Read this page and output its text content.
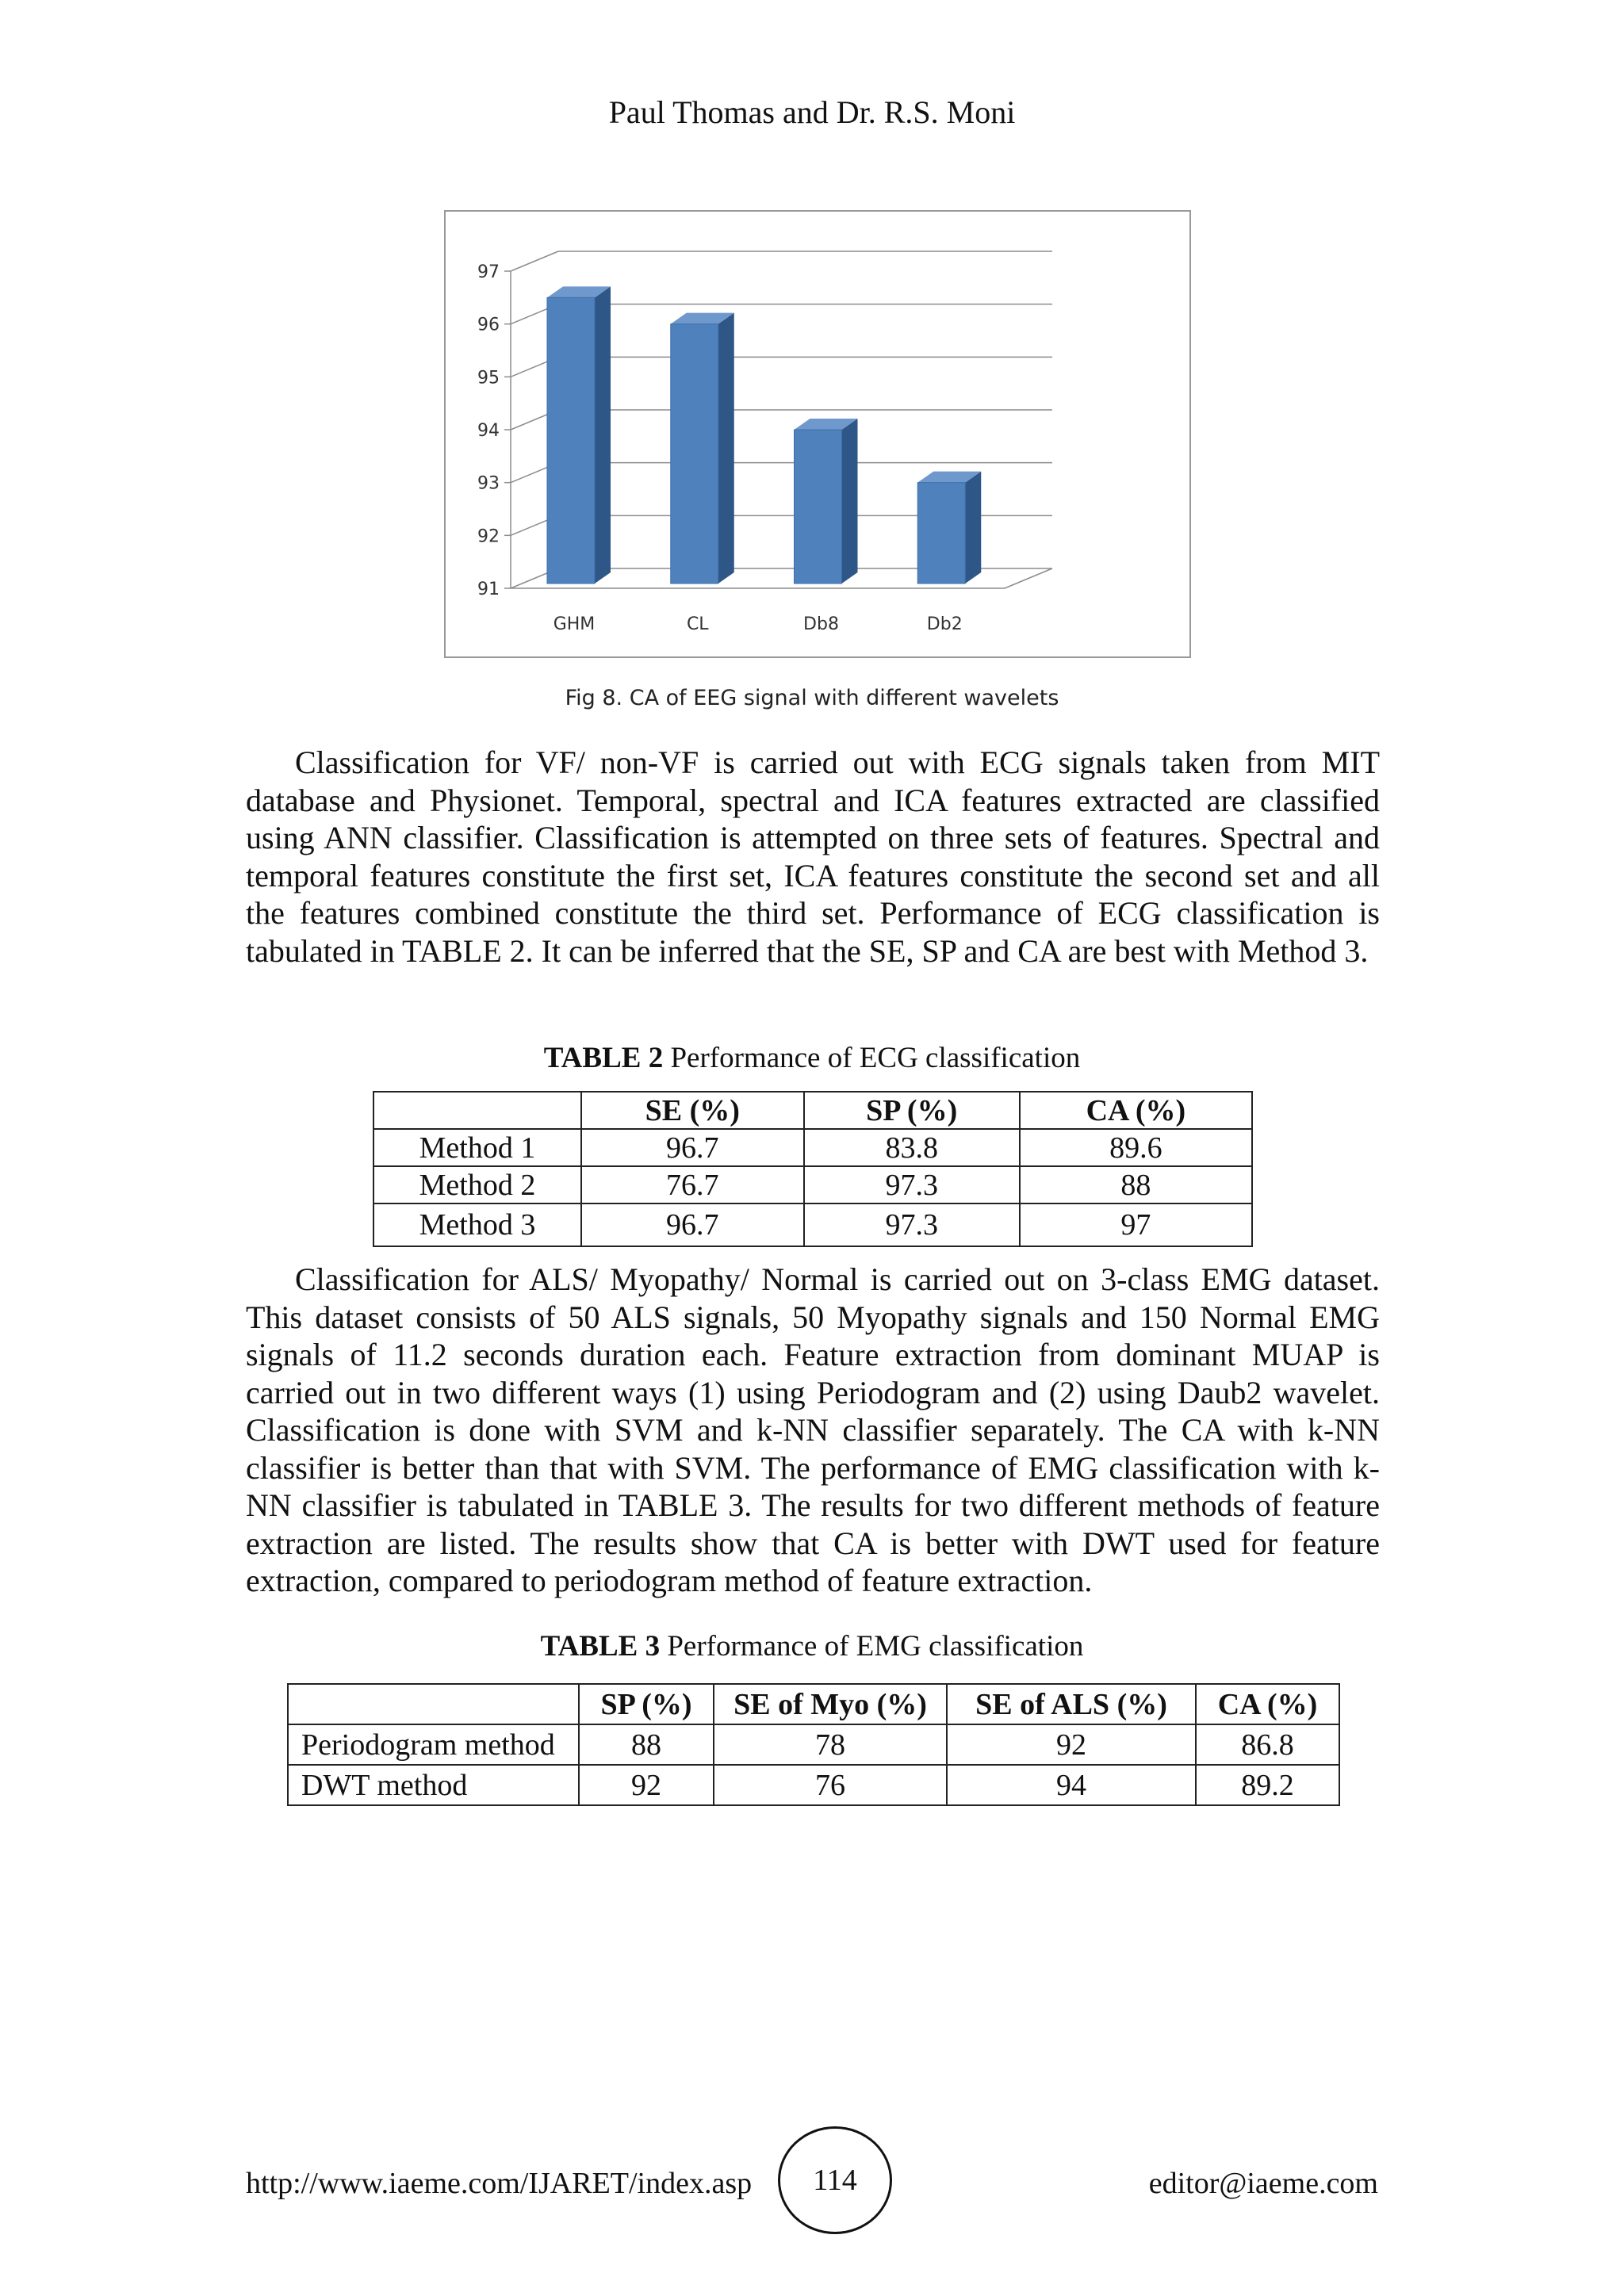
Paul Thomas and Dr. R.S. Moni
91
92
93
94
95
96
97
GHM	CL	Db8	Db2
Fig 8. CA of EEG signal with different wavelets

Classification for VF/ non-VF is carried out with ECG signals taken from MIT database and Physionet. Temporal, spectral and ICA features extracted are classified using ANN classifier. Classification is attempted on three sets of features. Spectral and temporal features constitute the first set, ICA features constitute the second set and all the features combined constitute the third set. Performance of ECG classification is tabulated in TABLE 2. It can be inferred that the SE, SP and CA are best with Method 3.

TABLE 2 Performance of ECG classification
	SE (%)	SP (%)	CA (%)
Method 1	96.7	83.8	89.6
Method 2	76.7	97.3	88
Method 3	96.7	97.3	97

Classification for ALS/ Myopathy/ Normal is carried out on 3-class EMG dataset. This dataset consists of 50 ALS signals, 50 Myopathy signals and 150 Normal EMG signals of 11.2 seconds duration each. Feature extraction from dominant MUAP is carried out in two different ways (1) using Periodogram and (2) using Daub2 wavelet. Classification is done with SVM and k-NN classifier separately. The CA with k-NN classifier is better than that with SVM. The performance of EMG classification with k-NN classifier is tabulated in TABLE 3. The results for two different methods of feature extraction are listed. The results show that CA is better with DWT used for feature extraction, compared to periodogram method of feature extraction.

TABLE 3 Performance of EMG classification
	SP (%)	SE of Myo (%)	SE of ALS (%)	CA (%)
Periodogram method	88	78	92	86.8
DWT method	92	76	94	89.2
http://www.iaeme.com/IJARET/index.asp	114	editor@iaeme.com
